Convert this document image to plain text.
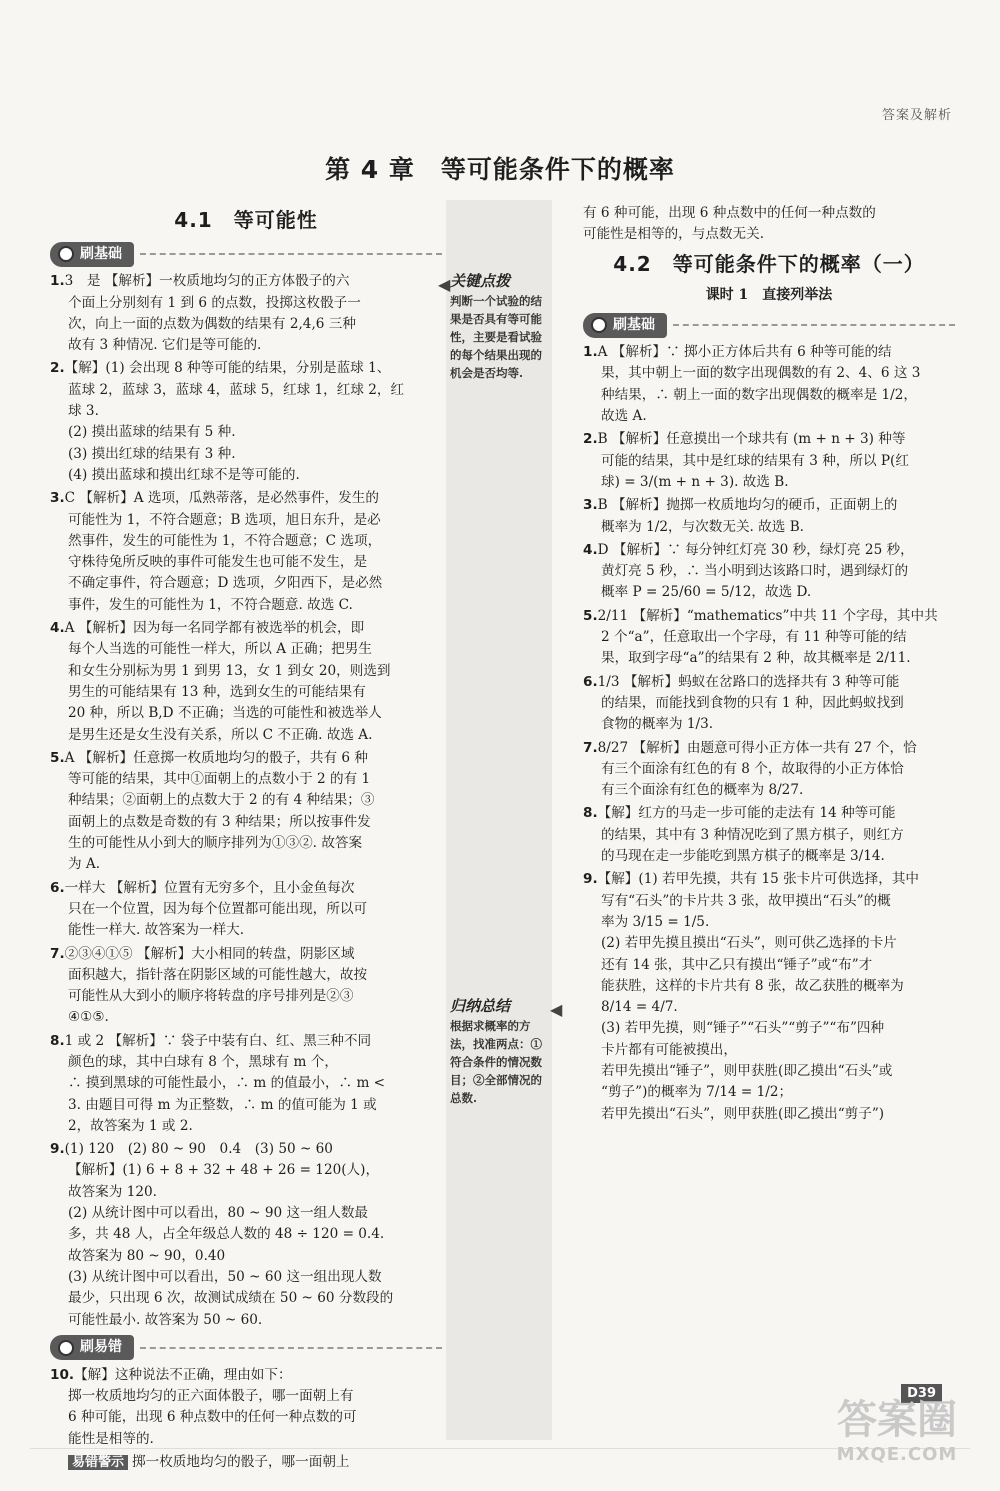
答案及解析
第 4 章　等可能条件下的概率
4.1　等可能性
刷基础

1.3　是 【解析】一枚质地均匀的正方体骰子的六

个面上分别刻有 1 到 6 的点数，投掷这枚骰子一

次，向上一面的点数为偶数的结果有 2,4,6 三种

故有 3 种情况. 它们是等可能的.

2.【解】(1) 会出现 8 种等可能的结果，分别是蓝球 1、

蓝球 2，蓝球 3，蓝球 4，蓝球 5，红球 1，红球 2，红

球 3.

(2) 摸出蓝球的结果有 5 种.

(3) 摸出红球的结果有 3 种.

(4) 摸出蓝球和摸出红球不是等可能的.

3.C 【解析】A 选项，瓜熟蒂落，是必然事件，发生的

可能性为 1，不符合题意；B 选项，旭日东升，是必

然事件，发生的可能性为 1，不符合题意；C 选项，

守株待兔所反映的事件可能发生也可能不发生，是

不确定事件，符合题意；D 选项，夕阳西下，是必然

事件，发生的可能性为 1，不符合题意. 故选 C.

4.A 【解析】因为每一名同学都有被选举的机会，即

每个人当选的可能性一样大，所以 A 正确；把男生

和女生分别标为男 1 到男 13，女 1 到女 20，则选到

男生的可能结果有 13 种，选到女生的可能结果有

20 种，所以 B,D 不正确；当选的可能性和被选举人

是男生还是女生没有关系，所以 C 不正确. 故选 A.

5.A 【解析】任意掷一枚质地均匀的骰子，共有 6 种

等可能的结果，其中①面朝上的点数小于 2 的有 1

种结果；②面朝上的点数大于 2 的有 4 种结果；③

面朝上的点数是奇数的有 3 种结果；所以按事件发

生的可能性从小到大的顺序排列为①③②. 故答案

为 A.

6.一样大 【解析】位置有无穷多个，且小金鱼每次

只在一个位置，因为每个位置都可能出现，所以可

能性一样大. 故答案为一样大.

7.②③④①⑤ 【解析】大小相同的转盘，阴影区域

面积越大，指针落在阴影区域的可能性越大，故按

可能性从大到小的顺序将转盘的序号排列是②③

④①⑤.

8.1 或 2 【解析】∵ 袋子中装有白、红、黑三种不同

颜色的球，其中白球有 8 个，黑球有 m 个，

∴ 摸到黑球的可能性最小，∴ m 的值最小，∴ m <

3. 由题目可得 m 为正整数，∴ m 的值可能为 1 或

2，故答案为 1 或 2.

9.(1) 120　(2) 80 ~ 90　0.4　(3) 50 ~ 60

【解析】(1) 6 + 8 + 32 + 48 + 26 = 120(人)，

故答案为 120.

(2) 从统计图中可以看出，80 ~ 90 这一组人数最

多，共 48 人，占全年级总人数的 48 ÷ 120 = 0.4.

故答案为 80 ~ 90，0.40

(3) 从统计图中可以看出，50 ~ 60 这一组出现人数

最少，只出现 6 次，故测试成绩在 50 ~ 60 分数段的

可能性最小. 故答案为 50 ~ 60.

刷易错

10.【解】这种说法不正确，理由如下：

掷一枚质地均匀的正六面体骰子，哪一面朝上有

6 种可能，出现 6 种点数中的任何一种点数的可

能性是相等的.

易错警示 掷一枚质地均匀的骰子，哪一面朝上
◀ 关键点拨
判断一个试验的结果是否具有等可能性，主要是看试验的每个结果出现的机会是否均等.
◀
归纳总结
根据求概率的方法，找准两点：①符合条件的情况数目；②全部情况的总数.

有 6 种可能，出现 6 种点数中的任何一种点数的

可能性是相等的，与点数无关.

4.2　等可能条件下的概率（一）
课时 1　直接列举法
刷基础

1.A 【解析】∵ 掷小正方体后共有 6 种等可能的结

果，其中朝上一面的数字出现偶数的有 2、4、6 这 3

种结果，∴ 朝上一面的数字出现偶数的概率是 1/2，

故选 A.

2.B 【解析】任意摸出一个球共有 (m + n + 3) 种等

可能的结果，其中是红球的结果有 3 种，所以 P(红

球) = 3/(m + n + 3). 故选 B.

3.B 【解析】抛掷一枚质地均匀的硬币，正面朝上的

概率为 1/2，与次数无关. 故选 B.

4.D 【解析】∵ 每分钟红灯亮 30 秒，绿灯亮 25 秒，

黄灯亮 5 秒，∴ 当小明到达该路口时，遇到绿灯的

概率 P = 25/60 = 5/12，故选 D.

5.2/11 【解析】“mathematics”中共 11 个字母，其中共

2 个“a”，任意取出一个字母，有 11 种等可能的结

果，取到字母“a”的结果有 2 种，故其概率是 2/11.

6.1/3 【解析】蚂蚁在岔路口的选择共有 3 种等可能

的结果，而能找到食物的只有 1 种，因此蚂蚁找到

食物的概率为 1/3.

7.8/27 【解析】由题意可得小正方体一共有 27 个，恰

有三个面涂有红色的有 8 个，故取得的小正方体恰

有三个面涂有红色的概率为 8/27.

8.【解】红方的马走一步可能的走法有 14 种等可能

的结果，其中有 3 种情况吃到了黑方棋子，则红方

的马现在走一步能吃到黑方棋子的概率是 3/14.

9.【解】(1) 若甲先摸，共有 15 张卡片可供选择，其中

写有“石头”的卡片共 3 张，故甲摸出“石头”的概

率为 3/15 = 1/5.

(2) 若甲先摸且摸出“石头”，则可供乙选择的卡片

还有 14 张，其中乙只有摸出“锤子”或“布”才

能获胜，这样的卡片共有 8 张，故乙获胜的概率为

8/14 = 4/7.

(3) 若甲先摸，则“锤子”“石头”“剪子”“布”四种

卡片都有可能被摸出，

若甲先摸出“锤子”，则甲获胜(即乙摸出“石头”或

“剪子”)的概率为 7/14 = 1/2；

若甲先摸出“石头”，则甲获胜(即乙摸出“剪子”)

D39
答案圈
MXQE.COM
